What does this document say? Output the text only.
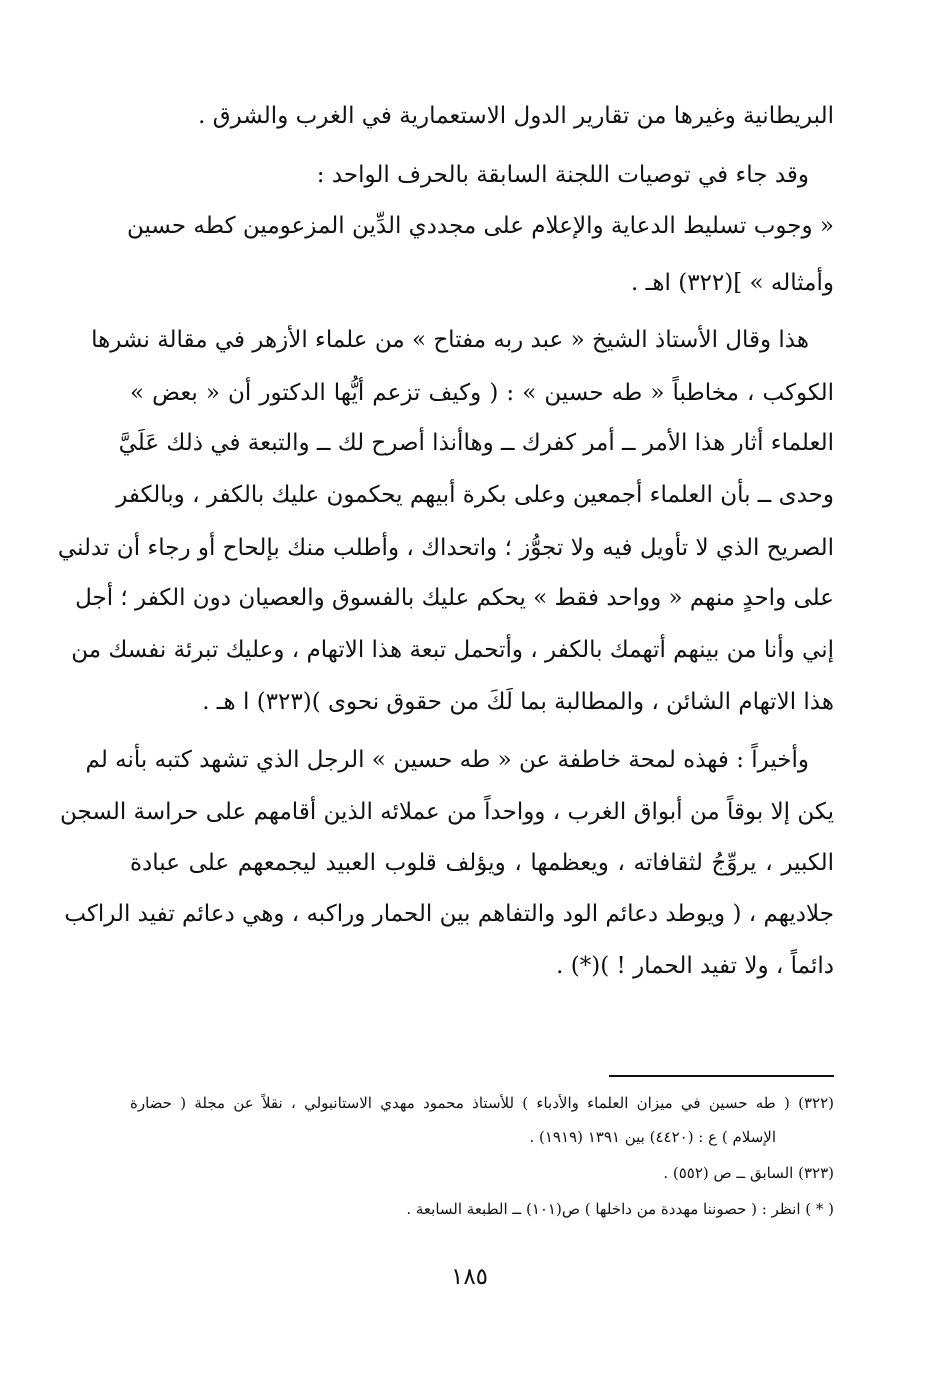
البريطانية وغيرها من تقارير الدول الاستعمارية في الغرب والشرق .
وقد جاء في توصيات اللجنة السابقة بالحرف الواحد :
« وجوب تسليط الدعاية والإعلام على مجددي الدِّين المزعومين كطه حسين
وأمثاله » ](٣٢٢) اهـ .
هذا وقال الأستاذ الشيخ « عبد ربه مفتاح » من علماء الأزهر في مقالة نشرها
الكوكب ، مخاطباً « طه حسين » : ( وكيف تزعم أيُّها الدكتور أن « بعض »
العلماء أثار هذا الأمر ــ أمر كفرك ــ وهاأنذا أصرح لك ــ والتبعة في ذلك عَلَيَّ
وحدى ــ بأن العلماء أجمعين وعلى بكرة أبيهم يحكمون عليك بالكفر ، وبالكفر
الصريح الذي لا تأويل فيه ولا تجوُّز ؛ واتحداك ، وأطلب منك بإلحاح أو رجاء أن تدلني
على واحدٍ منهم « وواحد فقط » يحكم عليك بالفسوق والعصيان دون الكفر ؛ أجل
إني وأنا من بينهم أتهمك بالكفر ، وأتحمل تبعة هذا الاتهام ، وعليك تبرئة نفسك من
هذا الاتهام الشائن ، والمطالبة بما لَكَ من حقوق نحوى )(٣٢٣) ا هـ .
وأخيراً : فهذه لمحة خاطفة عن « طه حسين » الرجل الذي تشهد كتبه بأنه لم
يكن إلا بوقاً من أبواق الغرب ، وواحداً من عملائه الذين أقامهم على حراسة السجن
الكبير ، يروِّجُ لثقافاته ، ويعظمها ، ويؤلف قلوب العبيد ليجمعهم على عبادة
جلاديهم ، ( ويوطد دعائم الود والتفاهم بين الحمار وراكبه ، وهي دعائم تفيد الراكب
دائماً ، ولا تفيد الحمار ! )(*) .
(٣٢٢) ( طه حسين في ميزان العلماء والأدباء ) للأستاذ محمود مهدي الاستانبولي ، نقلاً عن مجلة ( حضارة
الإسلام ) ع : (٤٤٢٠) بين ١٣٩١ (١٩١٩) .
(٣٢٣) السابق ــ ص (٥٥٢) .
( * ) انظر : ( حصوننا مهددة من داخلها ) ص(١٠١) ــ الطبعة السابعة .
١٨٥
